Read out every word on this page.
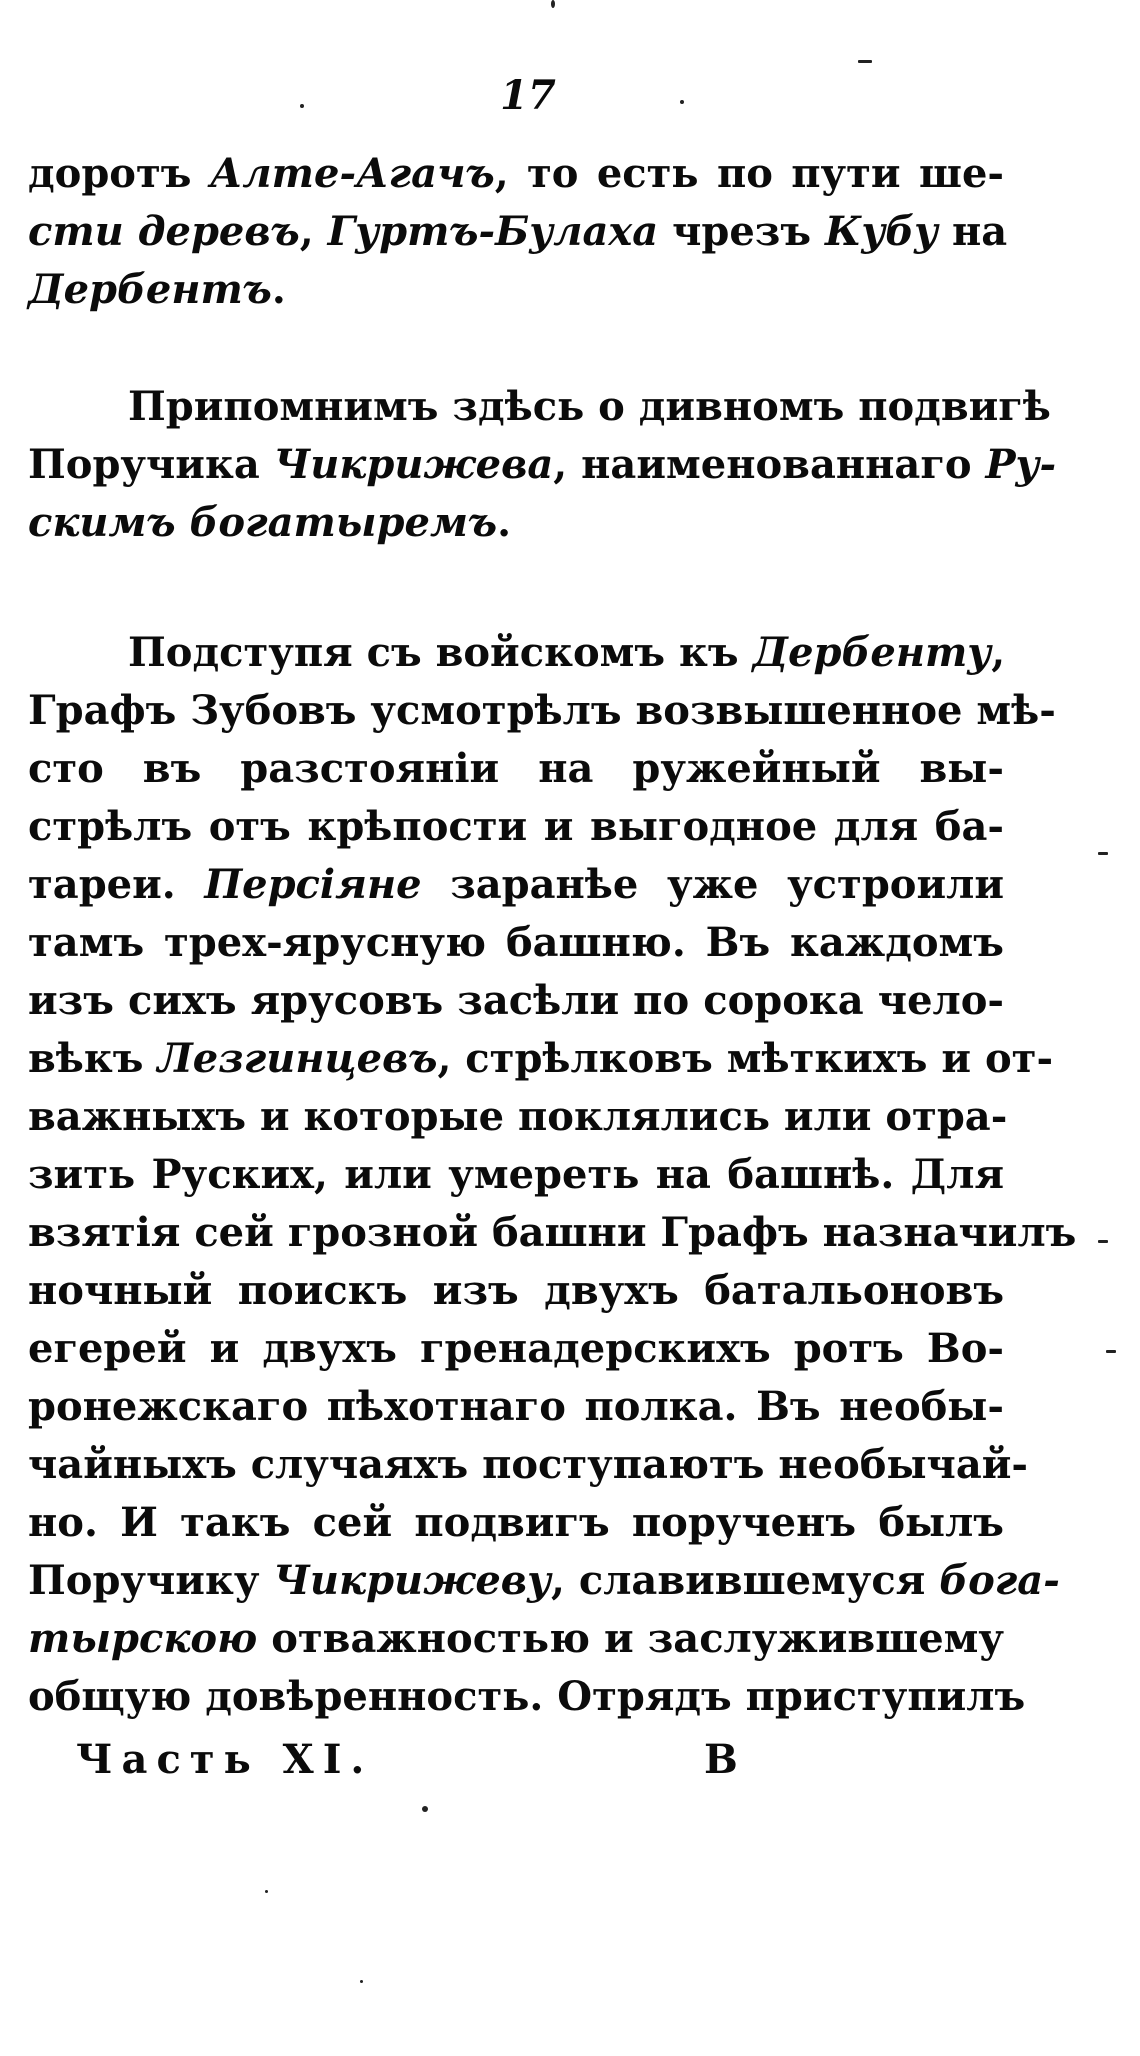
17
доротъ Алте-Агачъ, то есть по пути ше-
сти деревъ, Гуртъ-Булаха чрезъ Кубу на
Дербентъ.
Припомнимъ здѣсь о дивномъ подвигѣ
Поручика Чикрижева, наименованнаго Ру-
скимъ богатыремъ.
Подступя съ войскомъ къ Дербенту,
Графъ Зубовъ усмотрѣлъ возвышенное мѣ-
сто въ разстояніи на ружейный вы-
стрѣлъ отъ крѣпости и выгодное для ба-
тареи. Персіяне заранѣе уже устроили
тамъ трех-ярусную башню. Въ каждомъ
изъ сихъ ярусовъ засѣли по сорока чело-
вѣкъ Лезгинцевъ, стрѣлковъ мѣткихъ и от-
важныхъ и которые поклялись или отра-
зить Руских, или умереть на башнѣ. Для
взятія сей грозной башни Графъ назначилъ
ночный поискъ изъ двухъ батальоновъ
егерей и двухъ гренадерскихъ ротъ Во-
ронежскаго пѣхотнаго полка. Въ необы-
чайныхъ случаяхъ поступаютъ необычай-
но. И такъ сей подвигъ порученъ былъ
Поручику Чикрижеву, славившемуся бога-
тырскою отважностью и заслужившему
общую довѣренность. Отрядъ приступилъ
Часть XI.	В
